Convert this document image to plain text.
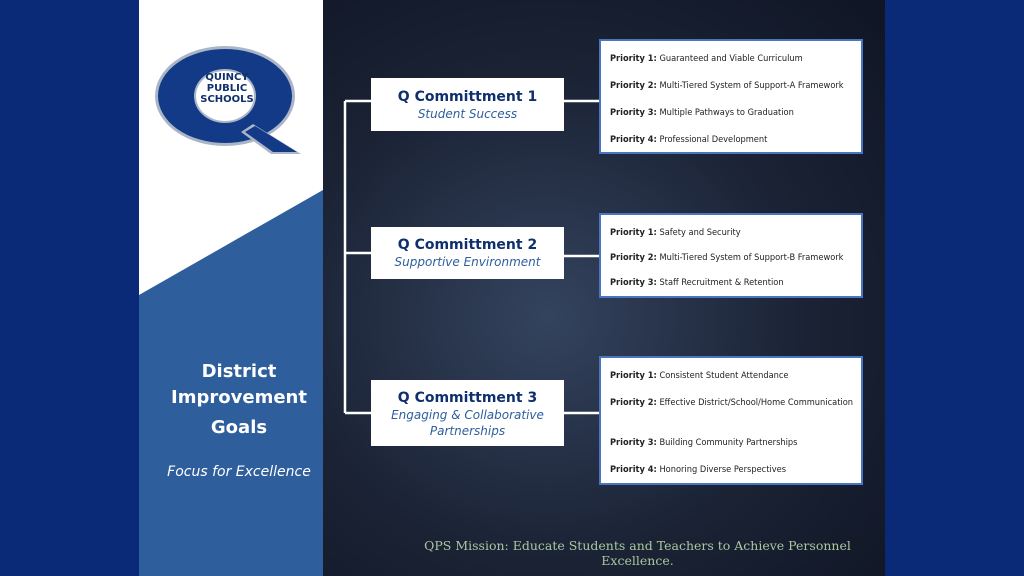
QUINCY
PUBLIC
SCHOOLS
District
Improvement
Goals
Focus for Excellence
Q Committment 1
Student Success
Priority 1: Guaranteed and Viable Curriculum
Priority 2: Multi-Tiered System of Support-A Framework
Priority 3: Multiple Pathways to Graduation
Priority 4: Professional Development
Q Committment 2
Supportive Environment
Priority 1: Safety and Security
Priority 2: Multi-Tiered System of Support-B Framework
Priority 3: Staff Recruitment & Retention
Q Committment 3
Engaging & Collaborative
Partnerships
Priority 1: Consistent Student Attendance
Priority 2: Effective District/School/Home Communication
Priority 3: Building Community Partnerships
Priority 4: Honoring Diverse Perspectives
QPS Mission: Educate Students and Teachers to Achieve Personnel Excellence.
